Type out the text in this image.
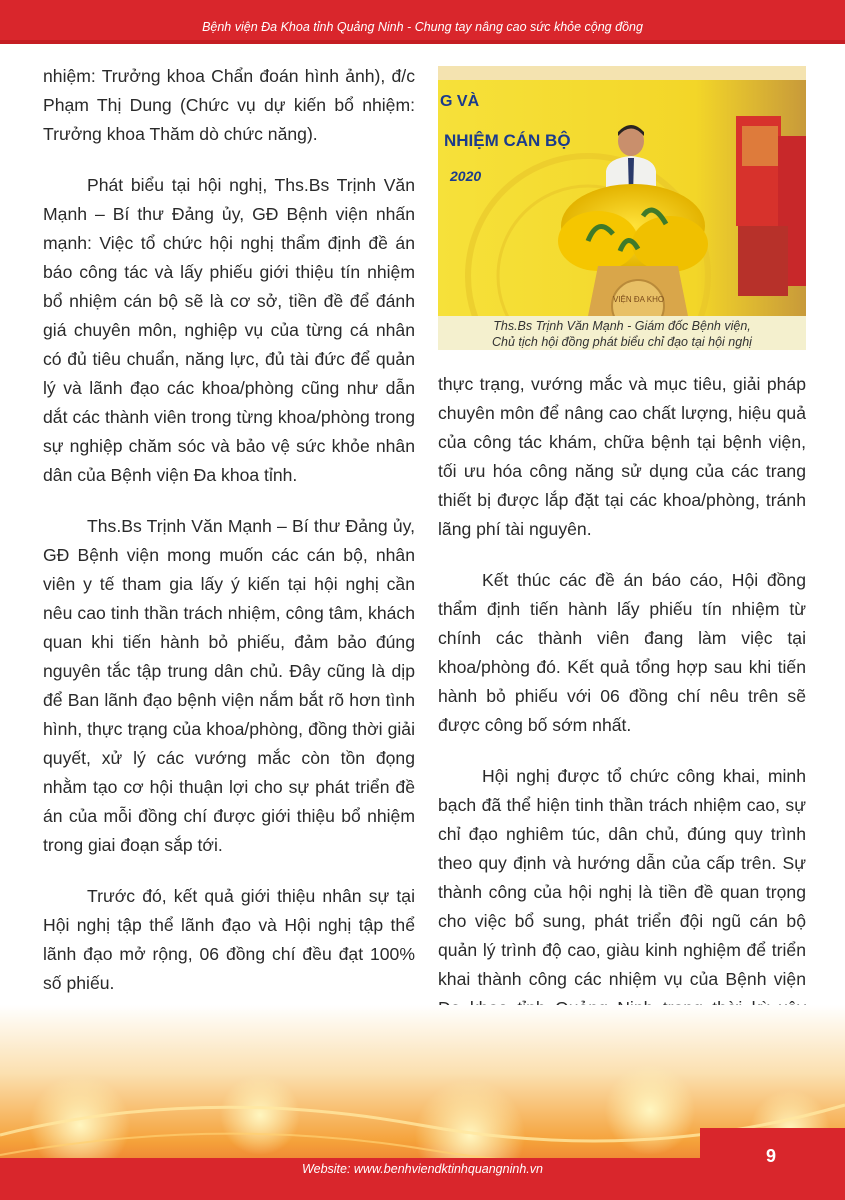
Bệnh viện Đa Khoa tỉnh Quảng Ninh - Chung tay nâng cao sức khỏe cộng đồng

nhiệm: Trưởng khoa Chẩn đoán hình ảnh), đ/c Phạm Thị Dung (Chức vụ dự kiến bổ nhiệm: Trưởng khoa Thăm dò chức năng).

Phát biểu tại hội nghị, Ths.Bs Trịnh Văn Mạnh – Bí thư Đảng ủy, GĐ Bệnh viện nhấn mạnh: Việc tổ chức hội nghị thẩm định đề án báo công tác và lấy phiếu giới thiệu tín nhiệm bổ nhiệm cán bộ sẽ là cơ sở, tiền đề để đánh giá chuyên môn, nghiệp vụ của từng cá nhân có đủ tiêu chuẩn, năng lực, đủ tài đức để quản lý và lãnh đạo các khoa/phòng cũng như dẫn dắt các thành viên trong từng khoa/phòng trong sự nghiệp chăm sóc và bảo vệ sức khỏe nhân dân của Bệnh viện Đa khoa tỉnh.

Ths.Bs Trịnh Văn Mạnh – Bí thư Đảng ủy, GĐ Bệnh viện mong muốn các cán bộ, nhân viên y tế tham gia lấy ý kiến tại hội nghị cần nêu cao tinh thần trách nhiệm, công tâm, khách quan khi tiến hành bỏ phiếu, đảm bảo đúng nguyên tắc tập trung dân chủ. Đây cũng là dịp để Ban lãnh đạo bệnh viện nắm bắt rõ hơn tình hình, thực trạng của khoa/phòng, đồng thời giải quyết, xử lý các vướng mắc còn tồn đọng nhằm tạo cơ hội thuận lợi cho sự phát triển đề án của mỗi đồng chí được giới thiệu bổ nhiệm trong giai đoạn sắp tới.

Trước đó, kết quả giới thiệu nhân sự tại Hội nghị tập thể lãnh đạo và Hội nghị tập thể lãnh đạo mở rộng, 06 đồng chí đều đạt 100% số phiếu.

G VÀ
NHIỆM CÁN BỘ
2020
VIỆN ĐA KHO
Ths.Bs Trịnh Văn Mạnh - Giám đốc Bệnh viện,
Chủ tịch hội đồng phát biểu chỉ đạo tại hội nghị

thực trạng, vướng mắc và mục tiêu, giải pháp chuyên môn để nâng cao chất lượng, hiệu quả của công tác khám, chữa bệnh tại bệnh viện, tối ưu hóa công năng sử dụng của các trang thiết bị được lắp đặt tại các khoa/phòng, tránh lãng phí tài nguyên.

Kết thúc các đề án báo cáo, Hội đồng thẩm định tiến hành lấy phiếu tín nhiệm từ chính các thành viên đang làm việc tại khoa/phòng đó. Kết quả tổng hợp sau khi tiến hành bỏ phiếu với 06 đồng chí nêu trên sẽ được công bố sớm nhất.

Hội nghị được tổ chức công khai, minh bạch đã thể hiện tinh thần trách nhiệm cao, sự chỉ đạo nghiêm túc, dân chủ, đúng quy trình theo quy định và hướng dẫn của cấp trên. Sự thành công của hội nghị là tiền đề quan trọng cho việc bổ sung, phát triển đội ngũ cán bộ quản lý trình độ cao, giàu kinh nghiệm để triển khai thành công các nhiệm vụ của Bệnh viện

Website: www.benhviendktinhquangninh.vn
9
